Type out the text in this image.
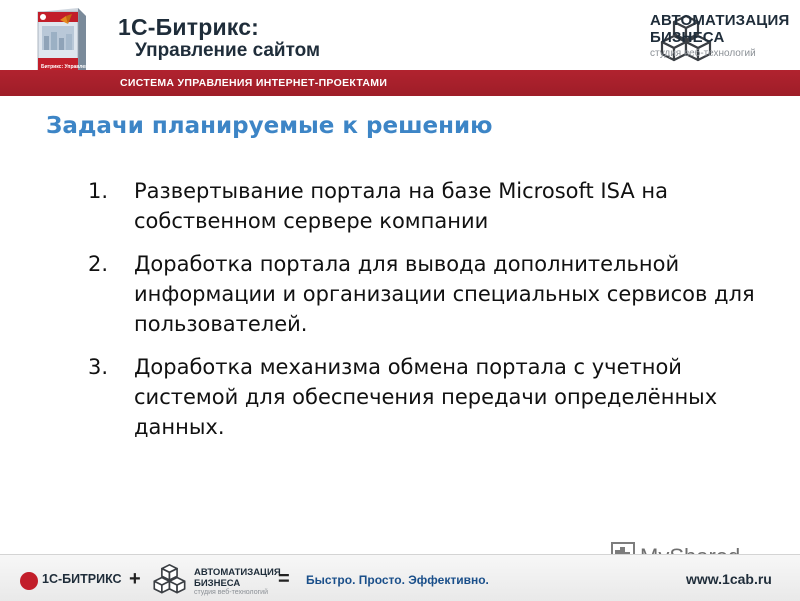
Битрикс: Управление сайтом
1С-Битрикс:
Управление сайтом
АВТОМАТИЗАЦИЯ
БИЗНЕСА
студия веб-технологий
СИСТЕМА УПРАВЛЕНИЯ ИНТЕРНЕТ-ПРОЕКТАМИ
Задачи планируемые к решению
1. Развертывание портала на базе Microsoft ISA на собственном сервере компании
2. Доработка портала для вывода дополнительной информации и организации специальных сервисов для пользователей.
3. Доработка механизма обмена портала с учетной системой для обеспечения передачи определённых данных.
1С-БИТРИКС +	АВТОМАТИЗАЦИЯ
БИЗНЕСА
студия веб-технологий
= Быстро. Просто. Эффективно.	www.1cab.ru
